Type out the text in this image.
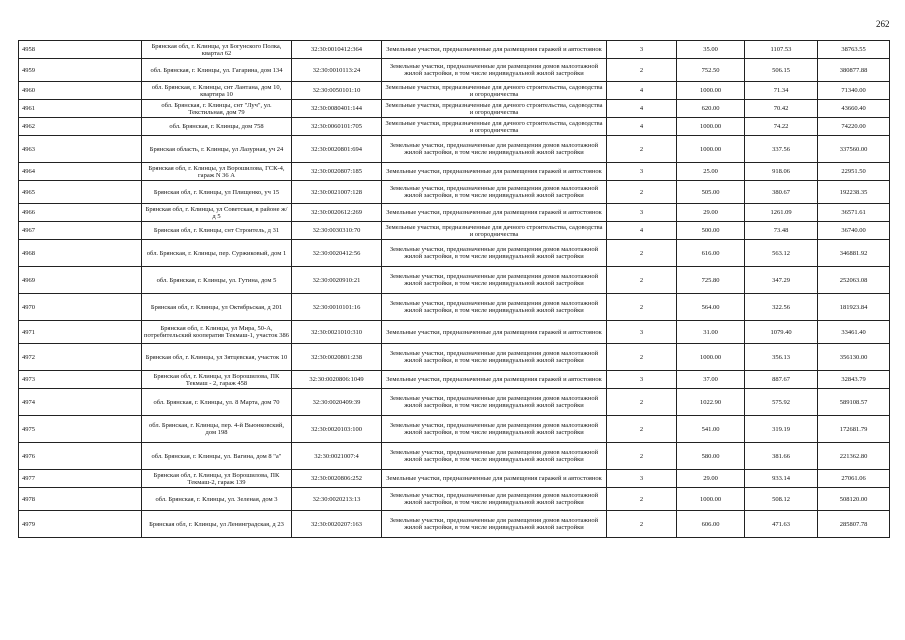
262
4958	Брянская обл, г. Клинцы, ул Богунского Полка, квартал 62	32:30:0010412:364	Земельные участки, предназначенные для размещения гаражей и автостоянок	3	35.00	1107.53	38763.55
4959	обл. Брянская, г. Клинцы, ул. Гагарина, дом 134	32:30:0010113:24	Земельные участки, предназначенные для размещения домов малоэтажной жилой застройки, в том числе индивидуальной жилой застройки	2	752.50	506.15	380877.88
4960	обл. Брянская, г. Клинцы, снт Лантана, дом 10, квартира 10	32:30:0050101:10	Земельные участки, предназначенные для дачного строительства, садоводства и огородничества	4	1000.00	71.34	71340.00
4961	обл. Брянская, г. Клинцы, снт "Луч", ул. Текстильная, дом 79	32:30:0080401:144	Земельные участки, предназначенные для дачного строительства, садоводства и огородничества	4	620.00	70.42	43660.40
4962	обл. Брянская, г. Клинцы, дом 758	32:30:0060101:705	Земельные участки, предназначенные для дачного строительства, садоводства и огородничества	4	1000.00	74.22	74220.00
4963	Брянская область, г. Клинцы, ул Лазурная, уч 24	32:30:0020801:694	Земельные участки, предназначенные для размещения домов малоэтажной жилой застройки, в том числе индивидуальной жилой застройки	2	1000.00	337.56	337560.00
4964	Брянская обл, г. Клинцы, ул Ворошилова, ГСК-4, гараж N 36 А	32:30:0020807:185	Земельные участки, предназначенные для размещения гаражей и автостоянок	3	25.00	918.06	22951.50
4965	Брянская обл, г. Клинцы, ул Плищенко, уч 15	32:30:0021007:128	Земельные участки, предназначенные для размещения домов малоэтажной жилой застройки, в том числе индивидуальной жилой застройки	2	505.00	380.67	192238.35
4966	Брянская обл, г. Клинцы, ул Советская, в районе ж/д 5	32:30:0020612:269	Земельные участки, предназначенные для размещения гаражей и автостоянок	3	29.00	1261.09	36571.61
4967	Брянская обл, г. Клинцы, снт Строитель, д 31	32:30:0030310:70	Земельные участки, предназначенные для дачного строительства, садоводства и огородничества	4	500.00	73.48	36740.00
4968	обл. Брянская, г. Клинцы, пер. Суржиковый, дом 1	32:30:0020412:56	Земельные участки, предназначенные для размещения домов малоэтажной жилой застройки, в том числе индивидуальной жилой застройки	2	616.00	563.12	346881.92
4969	обл. Брянская, г. Клинцы, ул. Гутина, дом 5	32:30:0020910:21	Земельные участки, предназначенные для размещения домов малоэтажной жилой застройки, в том числе индивидуальной жилой застройки	2	725.80	347.29	252063.08
4970	Брянская обл, г. Клинцы, ул Октябрьская, д 201	32:30:0010101:16	Земельные участки, предназначенные для размещения домов малоэтажной жилой застройки, в том числе индивидуальной жилой застройки	2	564.00	322.56	181923.84
4971	Брянская обл, г. Клинцы, ул Мира, 50-А, потребительский кооператив Текмаш-1, участок 386	32:30:0021010:310	Земельные участки, предназначенные для размещения гаражей и автостоянок	3	31.00	1079.40	33461.40
4972	Брянская обл, г. Клинцы, ул Зятцевская, участок 10	32:30:0020801:238	Земельные участки, предназначенные для размещения домов малоэтажной жилой застройки, в том числе индивидуальной жилой застройки	2	1000.00	356.13	356130.00
4973	Брянская обл, г. Клинцы, ул Ворошилова, ПК Текмаш - 2, гараж 458	32:30:0020806:1049	Земельные участки, предназначенные для размещения гаражей и автостоянок	3	37.00	887.67	32843.79
4974	обл. Брянская, г. Клинцы, ул. 8 Марта, дом 70	32:30:0020409:39	Земельные участки, предназначенные для размещения домов малоэтажной жилой застройки, в том числе индивидуальной жилой застройки	2	1022.90	575.92	589108.57
4975	обл. Брянская, г. Клинцы, пер. 4-й Вьюнковский, дом 198	32:30:0020103:100	Земельные участки, предназначенные для размещения домов малоэтажной жилой застройки, в том числе индивидуальной жилой застройки	2	541.00	319.19	172681.79
4976	обл. Брянская, г. Клинцы, ул. Вагина, дом 8 "а"	32:30:0021007:4	Земельные участки, предназначенные для размещения домов малоэтажной жилой застройки, в том числе индивидуальной жилой застройки	2	580.00	381.66	221362.80
4977	Брянская обл, г. Клинцы, ул Ворошилова, ПК Текмаш-2, гараж 139	32:30:0020806:252	Земельные участки, предназначенные для размещения гаражей и автостоянок	3	29.00	933.14	27061.06
4978	обл. Брянская, г. Клинцы, ул. Зеленая, дом 3	32:30:0020213:13	Земельные участки, предназначенные для размещения домов малоэтажной жилой застройки, в том числе индивидуальной жилой застройки	2	1000.00	508.12	508120.00
4979	Брянская обл, г. Клинцы, ул Ленинградская, д 23	32:30:0020207:163	Земельные участки, предназначенные для размещения домов малоэтажной жилой застройки, в том числе индивидуальной жилой застройки	2	606.00	471.63	285807.78
